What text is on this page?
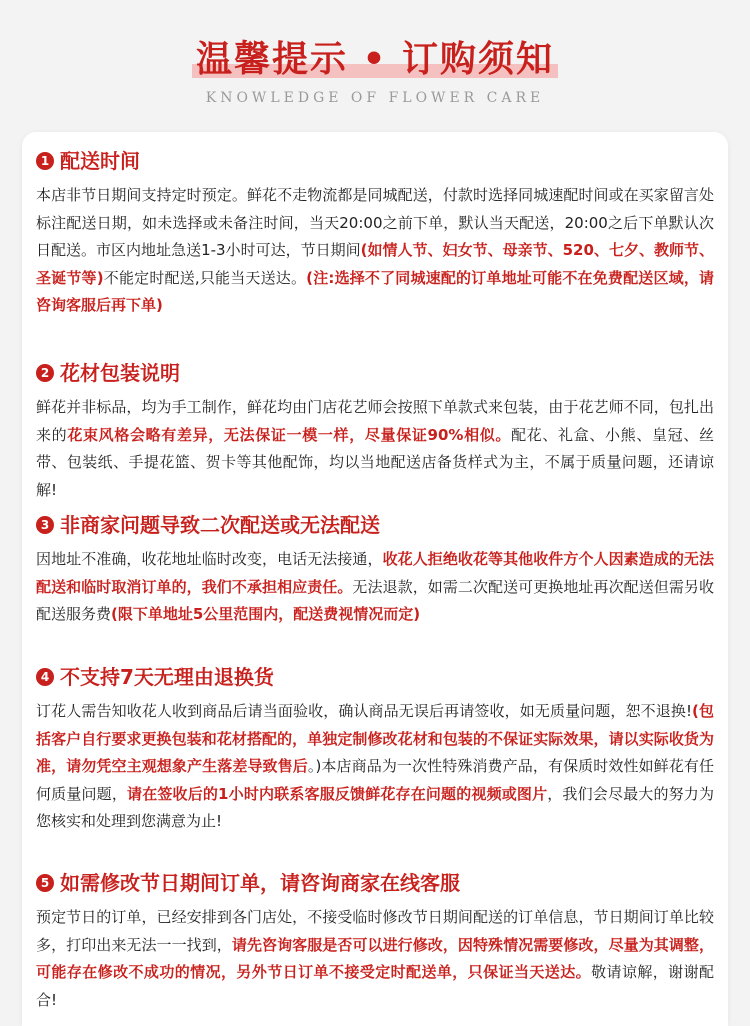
温馨提示 • 订购须知
KNOWLEDGE OF FLOWER CARE
1 配送时间

本店非节日期间支持定时预定。鲜花不走物流都是同城配送，付款时选择同城速配时间或在买家留言处标注配送日期，如未选择或未备注时间，当天20:00之前下单，默认当天配送，20:00之后下单默认次日配送。市区内地址急送1-3小时可达，节日期间(如情人节、妇女节、母亲节、520、七夕、教师节、圣诞节等)不能定时配送,只能当天送达。(注:选择不了同城速配的订单地址可能不在免费配送区域，请咨询客服后再下单)

2 花材包装说明

鲜花并非标品，均为手工制作，鲜花均由门店花艺师会按照下单款式来包装，由于花艺师不同，包扎出来的花束风格会略有差异，无法保证一模一样，尽量保证90%相似。配花、礼盒、小熊、皇冠、丝带、包装纸、手提花篮、贺卡等其他配饰，均以当地配送店备货样式为主，不属于质量问题，还请谅解!

3 非商家问题导致二次配送或无法配送

因地址不准确，收花地址临时改变，电话无法接通，收花人拒绝收花等其他收件方个人因素造成的无法配送和临时取消订单的，我们不承担相应责任。无法退款，如需二次配送可更换地址再次配送但需另收配送服务费(限下单地址5公里范围内，配送费视情况而定)

4 不支持7天无理由退换货

订花人需告知收花人收到商品后请当面验收，确认商品无误后再请签收，如无质量问题，恕不退换!(包括客户自行要求更换包装和花材搭配的，单独定制修改花材和包装的不保证实际效果，请以实际收货为准，请勿凭空主观想象产生落差导致售后。)本店商品为一次性特殊消费产品，有保质时效性如鲜花有任何质量问题，请在签收后的1小时内联系客服反馈鲜花存在问题的视频或图片，我们会尽最大的努力为您核实和处理到您满意为止!

5 如需修改节日期间订单，请咨询商家在线客服

预定节日的订单，已经安排到各门店处，不接受临时修改节日期间配送的订单信息，节日期间订单比较多，打印出来无法一一找到，请先咨询客服是否可以进行修改，因特殊情况需要修改，尽量为其调整，可能存在修改不成功的情况，另外节日订单不接受定时配送单，只保证当天送达。敬请谅解，谢谢配合!
